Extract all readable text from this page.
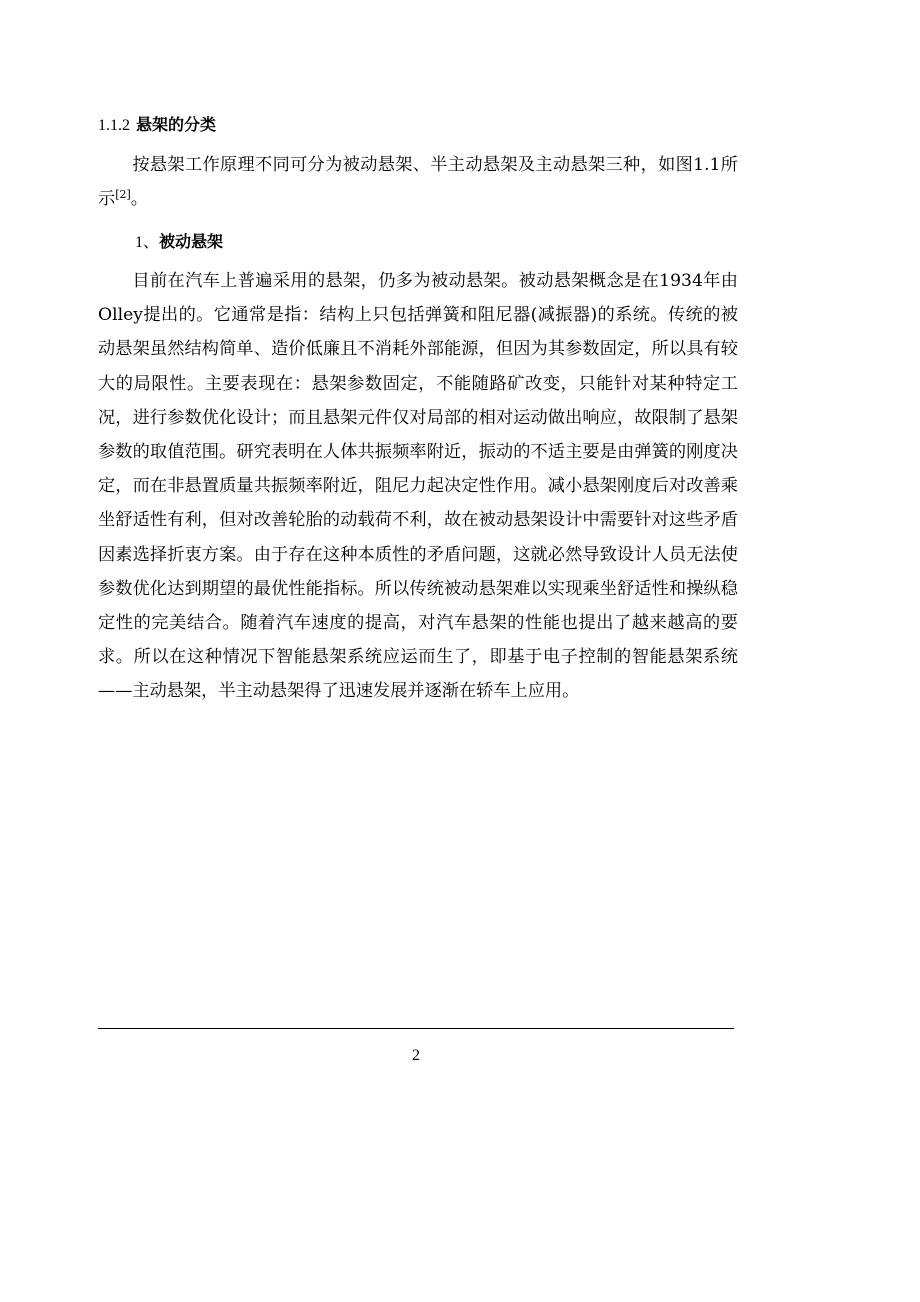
1.1.2 悬架的分类

按悬架工作原理不同可分为被动悬架、半主动悬架及主动悬架三种，如图1.1所示[2]。

1、被动悬架

目前在汽车上普遍采用的悬架，仍多为被动悬架。被动悬架概念是在1934年由Olley提出的。它通常是指：结构上只包括弹簧和阻尼器(减振器)的系统。传统的被动悬架虽然结构简单、造价低廉且不消耗外部能源，但因为其参数固定，所以具有较大的局限性。主要表现在：悬架参数固定，不能随路矿改变，只能针对某种特定工况，进行参数优化设计；而且悬架元件仅对局部的相对运动做出响应，故限制了悬架参数的取值范围。研究表明在人体共振频率附近，振动的不适主要是由弹簧的刚度决定，而在非悬置质量共振频率附近，阻尼力起决定性作用。减小悬架刚度后对改善乘坐舒适性有利，但对改善轮胎的动载荷不利，故在被动悬架设计中需要针对这些矛盾因素选择折衷方案。由于存在这种本质性的矛盾问题，这就必然导致设计人员无法使参数优化达到期望的最优性能指标。所以传统被动悬架难以实现乘坐舒适性和操纵稳定性的完美结合。随着汽车速度的提高，对汽车悬架的性能也提出了越来越高的要求。所以在这种情况下智能悬架系统应运而生了，即基于电子控制的智能悬架系统——主动悬架，半主动悬架得了迅速发展并逐渐在轿车上应用。

2
